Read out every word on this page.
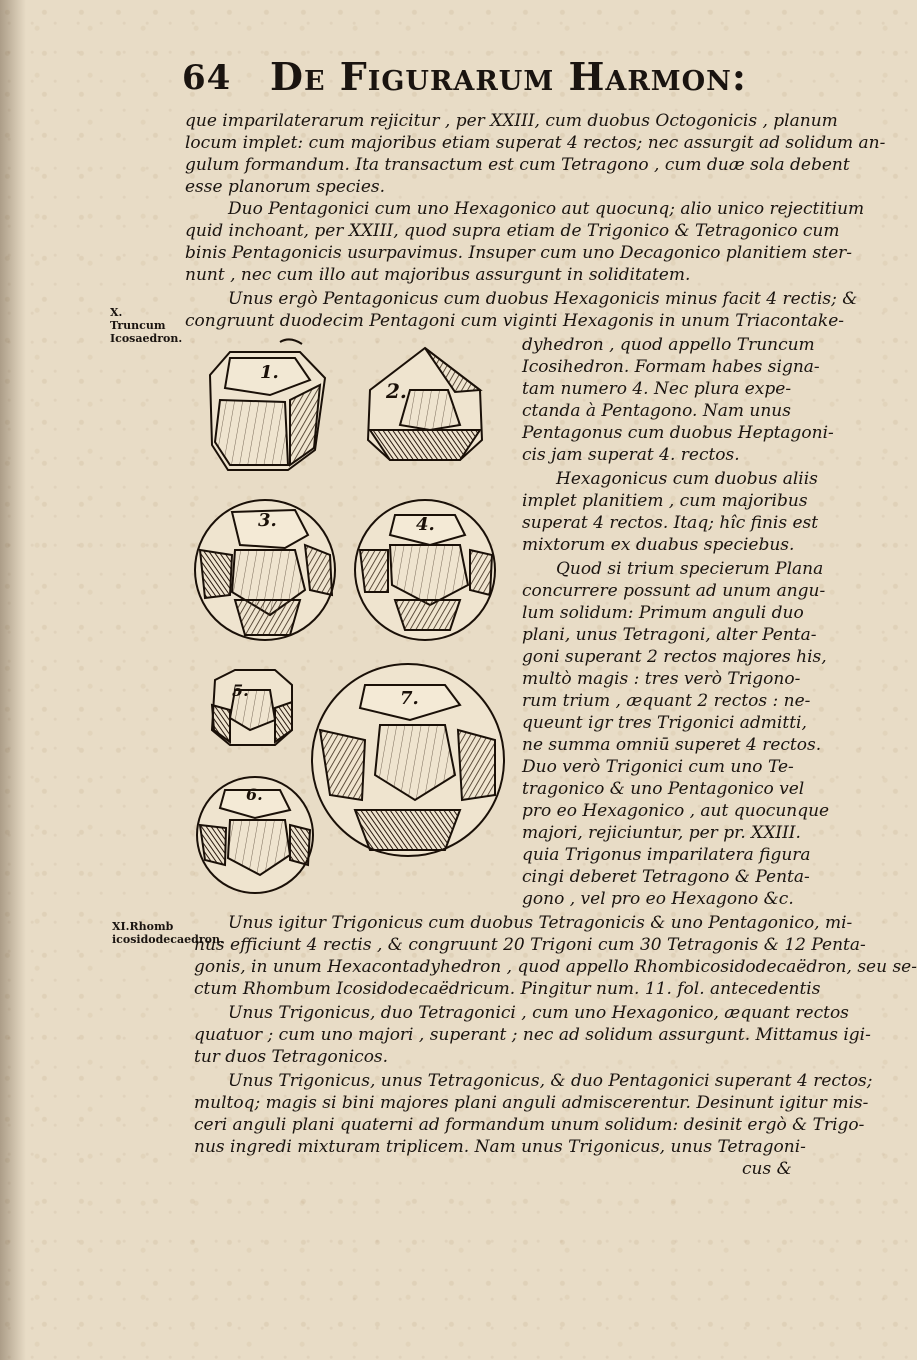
64 De Figurarum Harmon:
que imparilaterarum rejicitur , per XXIII, cum duobus Octogonicis , planum
locum implet: cum majoribus etiam superat 4 rectos; nec assurgit ad solidum an-
gulum formandum. Ita transactum est cum Tetragono , cum duæ sola debent
esse planorum species.
Duo Pentagonici cum uno Hexagonico aut quocunq; alio unico rejectitium
quid inchoant, per XXIII, quod supra etiam de Trigonico & Tetragonico cum
binis Pentagonicis usurpavimus. Insuper cum uno Decagonico planitiem ster-
nunt , nec cum illo aut majoribus assurgunt in soliditatem.
Unus ergò Pentagonicus cum duobus Hexagonicis minus facit 4 rectis; &
congruunt duodecim Pentagoni cum viginti Hexagonis in unum Triacontake-
X. Truncum Icosaedron.
1.
2.
3.	4.
5.	7.
6.
dyhedron , quod appello Truncum
Icosihedron. Formam habes signa-
tam numero 4. Nec plura expe-
ctanda à Pentagono. Nam unus
Pentagonus cum duobus Heptagoni-
cis jam superat 4. rectos.
Hexagonicus cum duobus aliis
implet planitiem , cum majoribus
superat 4 rectos. Itaq; hîc finis est
mixtorum ex duabus speciebus.
Quod si trium specierum Plana
concurrere possunt ad unum angu-
lum solidum: Primum anguli duo
plani, unus Tetragoni, alter Penta-
goni superant 2 rectos majores his,
multò magis : tres verò Trigono-
rum trium , æquant 2 rectos : ne-
queunt igr tres Trigonici admitti,
ne summa omniū superet 4 rectos.
Duo verò Trigonici cum uno Te-
tragonico & uno Pentagonico vel
pro eo Hexagonico , aut quocunque
majori, rejiciuntur, per pr. XXIII.
quia Trigonus imparilatera figura
cingi deberet Tetragono & Penta-
gono , vel pro eo Hexagono &c.
XI.Rhomb icosidodecaedron.
Unus igitur Trigonicus cum duobus Tetragonicis & uno Pentagonico, mi-
nus efficiunt 4 rectis , & congruunt 20 Trigoni cum 30 Tetragonis & 12 Penta-
gonis, in unum Hexacontadyhedron , quod appello Rhombicosidodecaëdron, seu se-
ctum Rhombum Icosidodecaëdricum. Pingitur num. 11. fol. antecedentis
Unus Trigonicus, duo Tetragonici , cum uno Hexagonico, æquant rectos
quatuor ; cum uno majori , superant ; nec ad solidum assurgunt. Mittamus igi-
tur duos Tetragonicos.
Unus Trigonicus, unus Tetragonicus, & duo Pentagonici superant 4 rectos;
multoq; magis si bini majores plani anguli admiscerentur. Desinunt igitur mis-
ceri anguli plani quaterni ad formandum unum solidum: desinit ergò & Trigo-
nus ingredi mixturam triplicem. Nam unus Trigonicus, unus Tetragoni-
cus &
